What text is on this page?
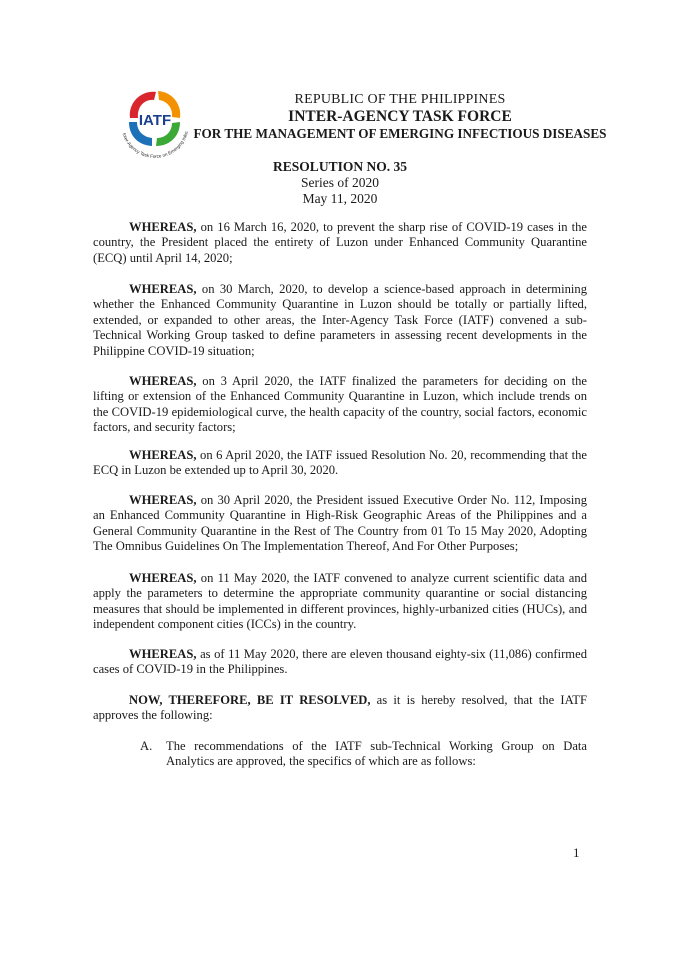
IATF
Inter-Agency Task Force on Emerging Infec
REPUBLIC OF THE PHILIPPINES
INTER-AGENCY TASK FORCE
FOR THE MANAGEMENT OF EMERGING INFECTIOUS DISEASES
RESOLUTION NO. 35
Series of 2020
May 11, 2020
WHEREAS, on 16 March 16, 2020, to prevent the sharp rise of COVID-19 cases in the country, the President placed the entirety of Luzon under Enhanced Community Quarantine (ECQ) until April 14, 2020;
WHEREAS, on 30 March, 2020, to develop a science-based approach in determining whether the Enhanced Community Quarantine in Luzon should be totally or partially lifted, extended, or expanded to other areas, the Inter-Agency Task Force (IATF) convened a sub-Technical Working Group tasked to define parameters in assessing recent developments in the Philippine COVID-19 situation;
WHEREAS, on 3 April 2020, the IATF finalized the parameters for deciding on the lifting or extension of the Enhanced Community Quarantine in Luzon, which include trends on the COVID-19 epidemiological curve, the health capacity of the country, social factors, economic factors, and security factors;
WHEREAS, on 6 April 2020, the IATF issued Resolution No. 20, recommending that the ECQ in Luzon be extended up to April 30, 2020.
WHEREAS, on 30 April 2020, the President issued Executive Order No. 112, Imposing an Enhanced Community Quarantine in High-Risk Geographic Areas of the Philippines and a General Community Quarantine in the Rest of The Country from 01 To 15 May 2020, Adopting The Omnibus Guidelines On The Implementation Thereof, And For Other Purposes;
WHEREAS, on 11 May 2020, the IATF convened to analyze current scientific data and apply the parameters to determine the appropriate community quarantine or social distancing measures that should be implemented in different provinces, highly-urbanized cities (HUCs), and independent component cities (ICCs) in the country.
WHEREAS, as of 11 May 2020, there are eleven thousand eighty-six (11,086) confirmed cases of COVID-19 in the Philippines.
NOW, THEREFORE, BE IT RESOLVED, as it is hereby resolved, that the IATF approves the following:
A. The recommendations of the IATF sub-Technical Working Group on Data Analytics are approved, the specifics of which are as follows:
1
